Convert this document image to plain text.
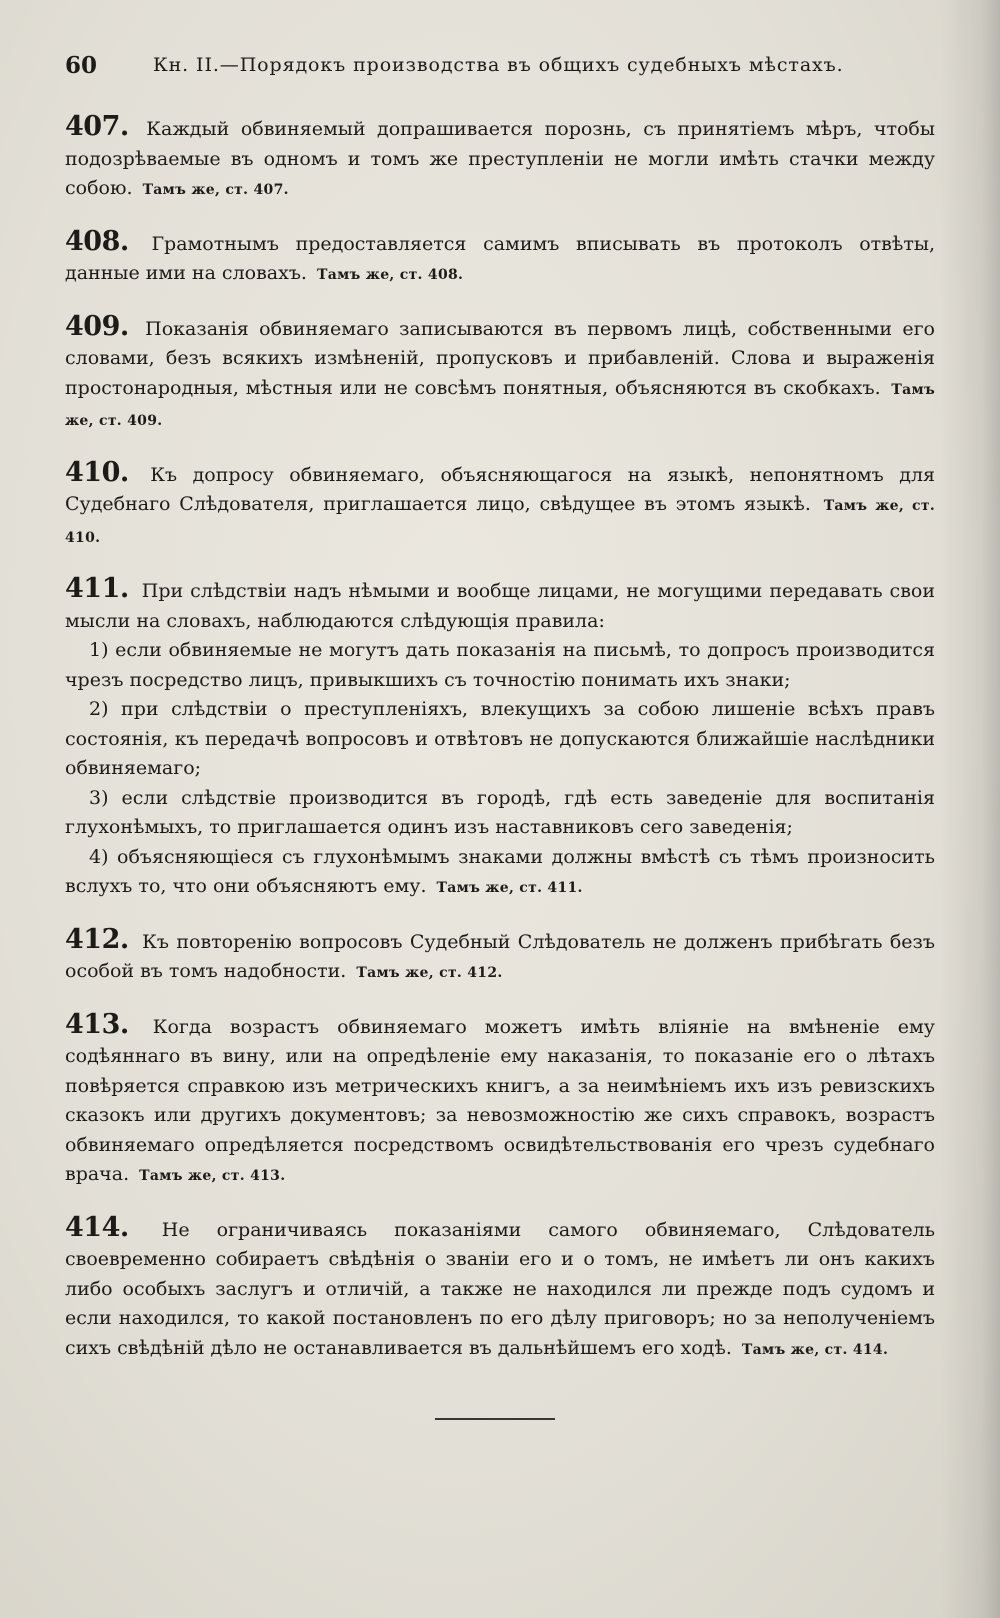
60	Кн. II.—Порядокъ производства въ общихъ судебныхъ мѣстахъ.
407. Каждый обвиняемый допрашивается порознь, съ принятіемъ мѣръ, чтобы подозрѣваемые въ одномъ и томъ же преступленіи не могли имѣть стачки между собою. Тамъ же, ст. 407.
408. Грамотнымъ предоставляется самимъ вписывать въ протоколъ отвѣты, данные ими на словахъ. Тамъ же, ст. 408.
409. Показанія обвиняемаго записываются въ первомъ лицѣ, собственными его словами, безъ всякихъ измѣненій, пропусковъ и прибавленій. Слова и выраженія простонародныя, мѣстныя или не совсѣмъ понятныя, объясняются въ скобкахъ. Тамъ же, ст. 409.
410. Къ допросу обвиняемаго, объясняющагося на языкѣ, непонятномъ для Судебнаго Слѣдователя, приглашается лицо, свѣдущее въ этомъ языкѣ. Тамъ же, ст. 410.
411. При слѣдствіи надъ нѣмыми и вообще лицами, не могущими передавать свои мысли на словахъ, наблюдаются слѣдующія правила:
1) если обвиняемые не могутъ дать показанія на письмѣ, то допросъ производится чрезъ посредство лицъ, привыкшихъ съ точностію понимать ихъ знаки;
2) при слѣдствіи о преступленіяхъ, влекущихъ за собою лишеніе всѣхъ правъ состоянія, къ передачѣ вопросовъ и отвѣтовъ не допускаются ближайшіе наслѣдники обвиняемаго;
3) если слѣдствіе производится въ городѣ, гдѣ есть заведеніе для воспитанія глухонѣмыхъ, то приглашается одинъ изъ наставниковъ сего заведенія;
4) объясняющіеся съ глухонѣмымъ знаками должны вмѣстѣ съ тѣмъ произносить вслухъ то, что они объясняютъ ему. Тамъ же, ст. 411.
412. Къ повторенію вопросовъ Судебный Слѣдователь не долженъ прибѣгать безъ особой въ томъ надобности. Тамъ же, ст. 412.
413. Когда возрастъ обвиняемаго можетъ имѣть вліяніе на вмѣненіе ему содѣяннаго въ вину, или на опредѣленіе ему наказанія, то показаніе его о лѣтахъ повѣряется справкою изъ метрическихъ книгъ, а за неимѣніемъ ихъ изъ ревизскихъ сказокъ или другихъ документовъ; за невозможностію же сихъ справокъ, возрастъ обвиняемаго опредѣляется посредствомъ освидѣтельствованія его чрезъ судебнаго врача. Тамъ же, ст. 413.
414. Не ограничиваясь показаніями самого обвиняемаго, Слѣдователь своевременно собираетъ свѣдѣнія о званіи его и о томъ, не имѣетъ ли онъ какихъ либо особыхъ заслугъ и отличій, а также не находился ли прежде подъ судомъ и если находился, то какой постановленъ по его дѣлу приговоръ; но за неполученіемъ сихъ свѣдѣній дѣло не останавливается въ дальнѣйшемъ его ходѣ. Тамъ же, ст. 414.
